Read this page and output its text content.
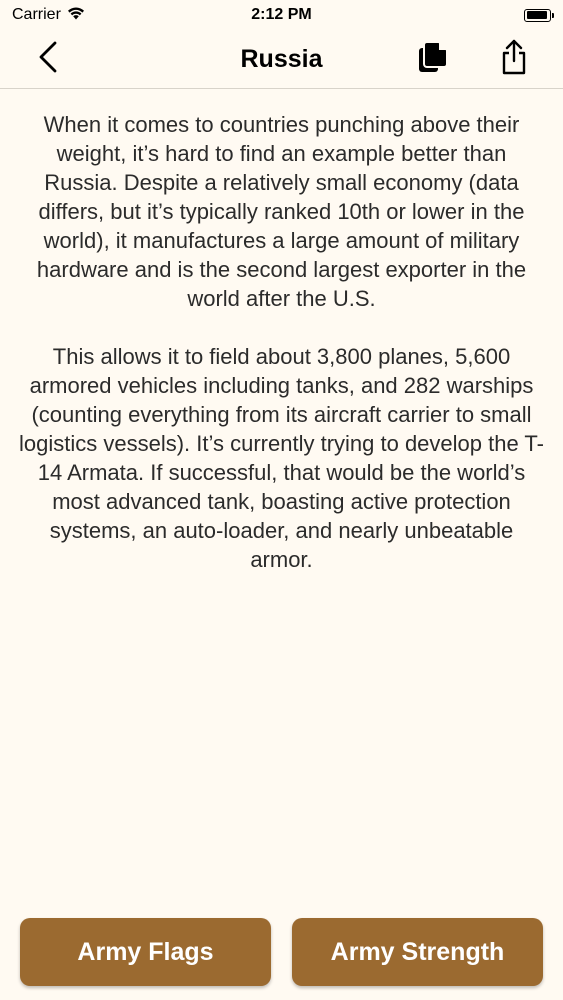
Carrier	2:12 PM
Russia

When it comes to countries punching above their weight, it’s hard to find an example better than Russia. Despite a relatively small economy (data differs, but it’s typically ranked 10th or lower in the world), it manufactures a large amount of military hardware and is the second largest exporter in the world after the U.S.

This allows it to field about 3,800 planes, 5,600 armored vehicles including tanks, and 282 warships (counting everything from its aircraft carrier to small logistics vessels). It’s currently trying to develop the T-14 Armata. If successful, that would be the world’s most advanced tank, boasting active protection systems, an auto-loader, and nearly unbeatable armor.

Army Flags	Army Strength
